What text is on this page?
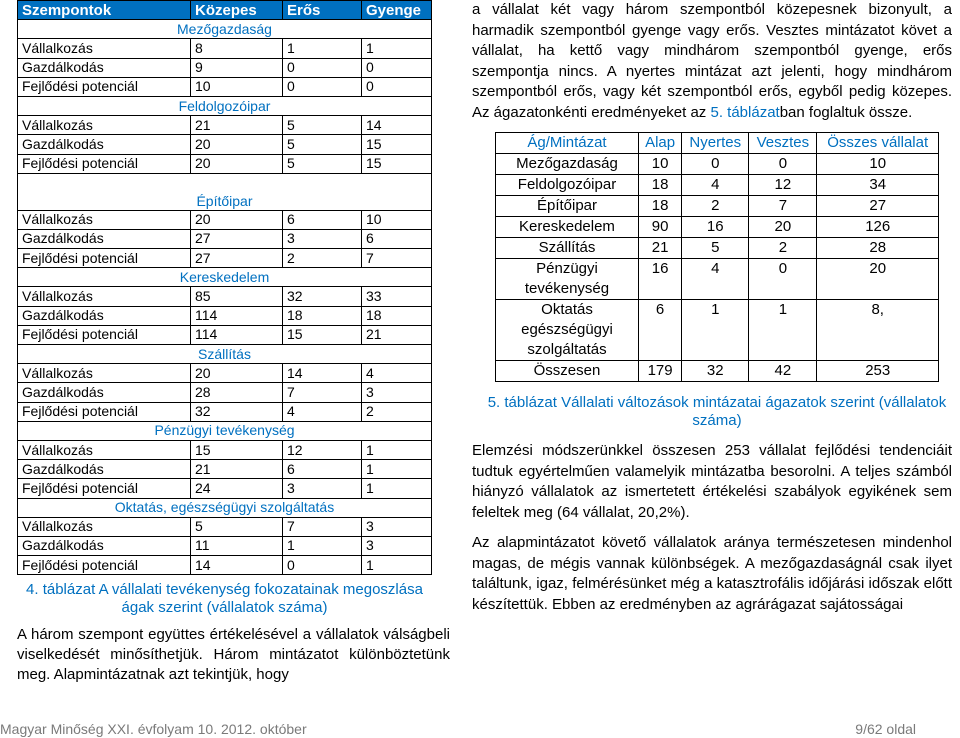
Szempontok	Közepes	Erős	Gyenge
Mezőgazdaság			
Vállalkozás	8	1	1
Gazdálkodás	9	0	0
Fejlődési potenciál	10	0	0
Feldolgozóipar			
Vállalkozás	21	5	14
Gazdálkodás	20	5	15
Fejlődési potenciál	20	5	15
Építőipar			
Vállalkozás	20	6	10
Gazdálkodás	27	3	6
Fejlődési potenciál	27	2	7
Kereskedelem			
Vállalkozás	85	32	33
Gazdálkodás	114	18	18
Fejlődési potenciál	114	15	21
Szállítás			
Vállalkozás	20	14	4
Gazdálkodás	28	7	3
Fejlődési potenciál	32	4	2
Pénzügyi tevékenység			
Vállalkozás	15	12	1
Gazdálkodás	21	6	1
Fejlődési potenciál	24	3	1
Oktatás, egészségügyi szolgáltatás			
Vállalkozás	5	7	3
Gazdálkodás	11	1	3
Fejlődési potenciál	14	0	1
4. táblázat A vállalati tevékenység fokozatainak megoszlása ágak szerint (vállalatok száma)

A három szempont együttes értékelésével a vállalatok válságbeli viselkedését minősíthetjük. Három mintázatot különböztetünk meg. Alapmintázatnak azt tekintjük, hogy

a vállalat két vagy három szempontból közepesnek bizonyult, a harmadik szempontból gyenge vagy erős. Vesztes mintázatot követ a vállalat, ha kettő vagy mindhárom szempontból gyenge, erős szempontja nincs. A nyertes mintázat azt jelenti, hogy mindhárom szempontból erős, vagy két szempontból erős, egyből pedig közepes. Az ágazatonkénti eredményeket az 5. táblázatban foglaltuk össze.

Ág/Mintázat	Alap	Nyertes	Vesztes	Összes vállalat
Mezőgazdaság	10	0	0	10
Feldolgozóipar	18	4	12	34
Építőipar	18	2	7	27
Kereskedelem	90	16	20	126
Szállítás	21	5	2	28
Pénzügyi tevékenység	16	4	0	20
Oktatás egészségügyi szolgáltatás	6	1	1	8,
Összesen	179	32	42	253
5. táblázat Vállalati változások mintázatai ágazatok szerint (vállalatok száma)

Elemzési módszerünkkel összesen 253 vállalat fejlődési tendenciáit tudtuk egyértelműen valamelyik mintázatba besorolni. A teljes számból hiányzó vállalatok az ismertetett értékelési szabályok egyikének sem feleltek meg (64 vállalat, 20,2%).

Az alapmintázatot követő vállalatok aránya természetesen mindenhol magas, de mégis vannak különbségek. A mezőgazdaságnál csak ilyet találtunk, igaz, felmérésünket még a katasztrofális időjárási időszak előtt készítettük. Ebben az eredményben az agrárágazat sajátosságai

Magyar Minőség XXI. évfolyam 10. 2012. október	9/62 oldal
